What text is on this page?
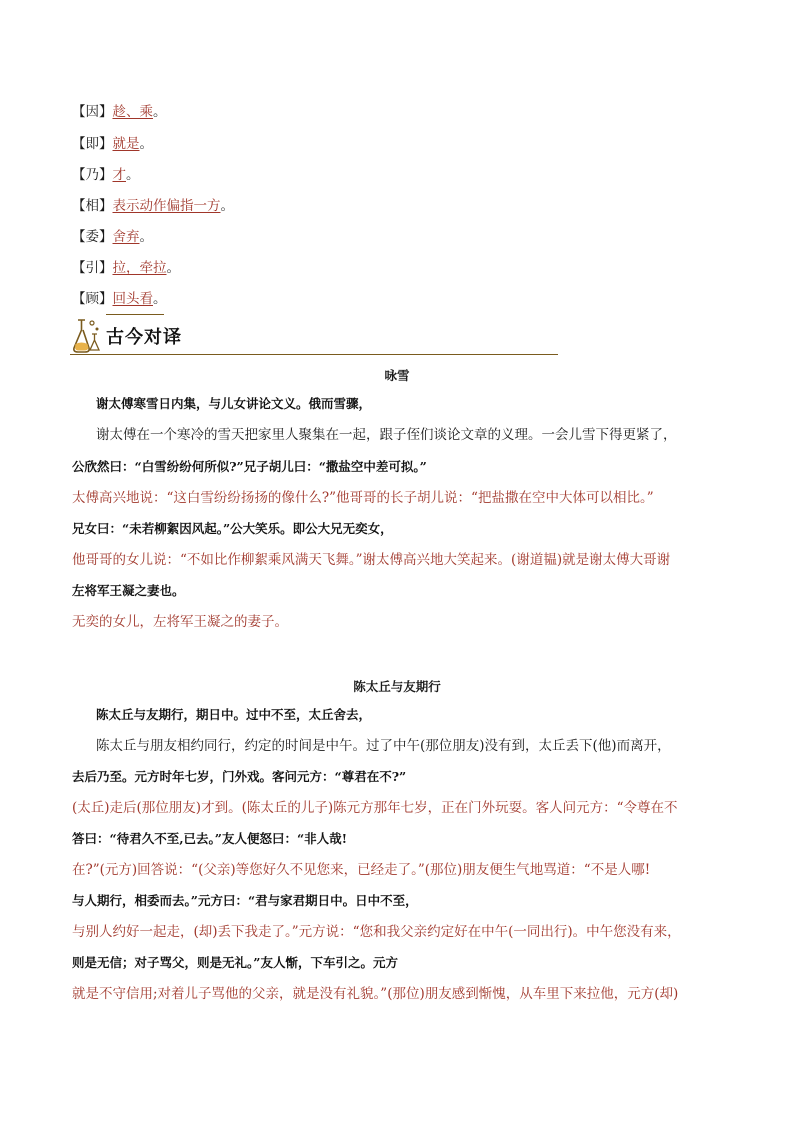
【因】趁、乘。
【即】就是。
【乃】才。
【相】表示动作偏指一方。
【委】舍弃。
【引】拉，牵拉。
【顾】回头看。
古今对译
咏雪
谢太傅寒雪日内集，与儿女讲论文义。俄而雪骤，
谢太傅在一个寒冷的雪天把家里人聚集在一起，跟子侄们谈论文章的义理。一会儿雪下得更紧了，
公欣然曰：“白雪纷纷何所似?”兄子胡儿曰：“撒盐空中差可拟。”
太傅高兴地说：“这白雪纷纷扬扬的像什么?”他哥哥的长子胡儿说：“把盐撒在空中大体可以相比。”
兄女曰：“未若柳絮因风起。”公大笑乐。即公大兄无奕女，
他哥哥的女儿说：“不如比作柳絮乘风满天飞舞。”谢太傅高兴地大笑起来。(谢道韫)就是谢太傅大哥谢
左将军王凝之妻也。
无奕的女儿，左将军王凝之的妻子。
陈太丘与友期行
陈太丘与友期行，期日中。过中不至，太丘舍去，
陈太丘与朋友相约同行，约定的时间是中午。过了中午(那位朋友)没有到，太丘丢下(他)而离开，
去后乃至。元方时年七岁，门外戏。客问元方：“尊君在不?”
(太丘)走后(那位朋友)才到。(陈太丘的儿子)陈元方那年七岁，正在门外玩耍。客人问元方：“令尊在不
答曰：“待君久不至,已去。”友人便怒曰：“非人哉!
在?”(元方)回答说：“(父亲)等您好久不见您来，已经走了。”(那位)朋友便生气地骂道：“不是人哪!
与人期行，相委而去。”元方曰：“君与家君期日中。日中不至，
与别人约好一起走，(却)丢下我走了。”元方说：“您和我父亲约定好在中午(一同出行)。中午您没有来，
则是无信；对子骂父，则是无礼。”友人惭，下车引之。元方
就是不守信用;对着儿子骂他的父亲，就是没有礼貌。”(那位)朋友感到惭愧，从车里下来拉他，元方(却)
